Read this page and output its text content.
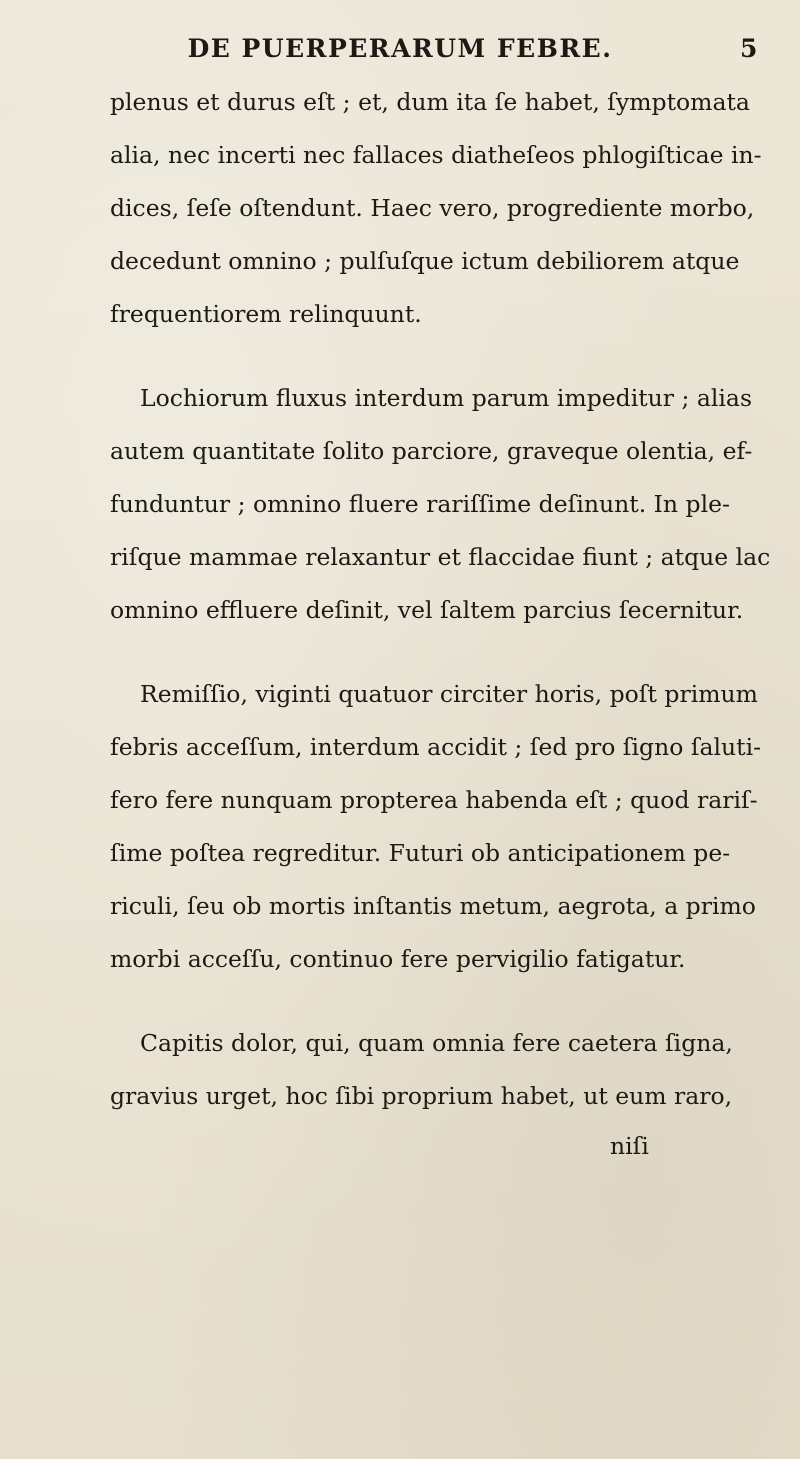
DE PUERPERARUM FEBRE.	5
plenus et durus eſt ; et, dum ita ſe habet, ſymptomata
alia, nec incerti nec fallaces diatheſeos phlogiſticae in-
dices, ſeſe oſtendunt. Haec vero, progrediente morbo,
decedunt omnino ; pulſuſque ictum debiliorem atque
frequentiorem relinquunt.
Lochiorum fluxus interdum parum impeditur ; alias
autem quantitate ſolito parciore, graveque olentia, ef-
funduntur ; omnino fluere rariſſime deſinunt. In ple-
riſque mammae relaxantur et flaccidae fiunt ; atque lac
omnino effluere deſinit, vel ſaltem parcius ſecernitur.
Remiſſio, viginti quatuor circiter horis, poſt primum
febris acceſſum, interdum accidit ; ſed pro ſigno ſaluti-
fero fere nunquam propterea habenda eſt ; quod rariſ-
ſime poſtea regreditur. Futuri ob anticipationem pe-
riculi, ſeu ob mortis inſtantis metum, aegrota, a primo
morbi acceſſu, continuo fere pervigilio fatigatur.
Capitis dolor, qui, quam omnia fere caetera ſigna,
gravius urget, hoc ſibi proprium habet, ut eum raro,
niſi
